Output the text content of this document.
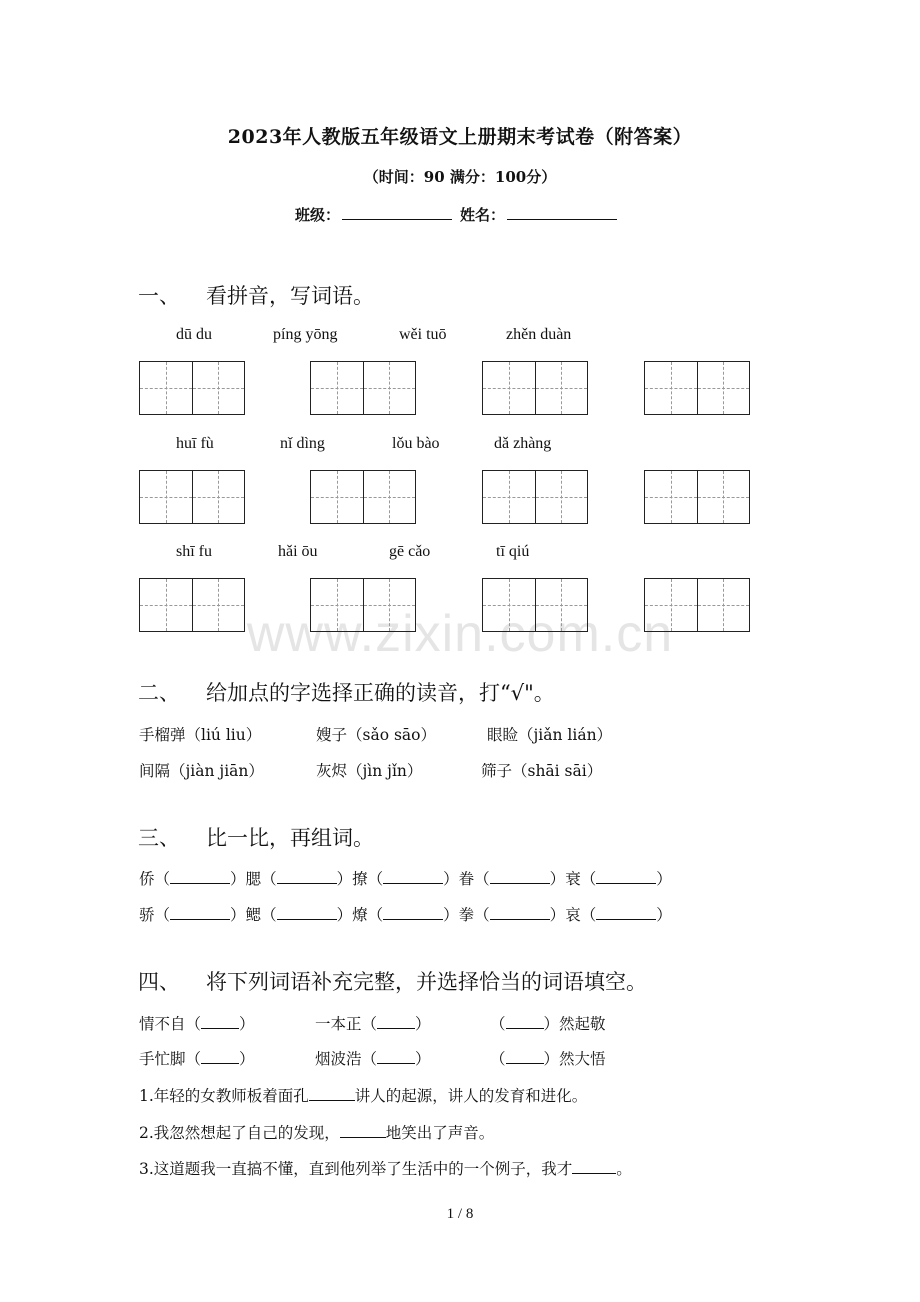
www.zixin.com.cn
2023年人教版五年级语文上册期末考试卷（附答案）
（时间：90 满分：100分）
班级：	姓名：
一、 看拼音，写词语。
dū du	píng yōng	wěi tuō	zhěn duàn
huī fù	nǐ dìng	lǒu bào	dǎ zhàng
shī fu	hǎi ōu	gē cǎo	tī qiú
二、 给加点的字选择正确的读音，打“√"。
手榴弹（liú liu）	嫂子（sǎo sāo）	眼睑（jiǎn lián）
间隔（jiàn jiān）	灰烬（jìn jǐn）	筛子（shāi sāi）
三、 比一比，再组词。
侨（	）腮（	）撩（	）眷（	）衰（	）
骄（	）鳃（	）燎（	）拳（	）哀（	）
四、 将下列词语补充完整，并选择恰当的词语填空。
情不自（ ）	一本正（ ）	（ ）然起敬
手忙脚（ ）	烟波浩（ ）	（ ）然大悟
1.年轻的女教师板着面孔	讲人的起源，讲人的发育和进化。
2.我忽然想起了自己的发现，	地笑出了声音。
3.这道题我一直搞不懂，直到他列举了生活中的一个例子，我才	。
1 / 8
